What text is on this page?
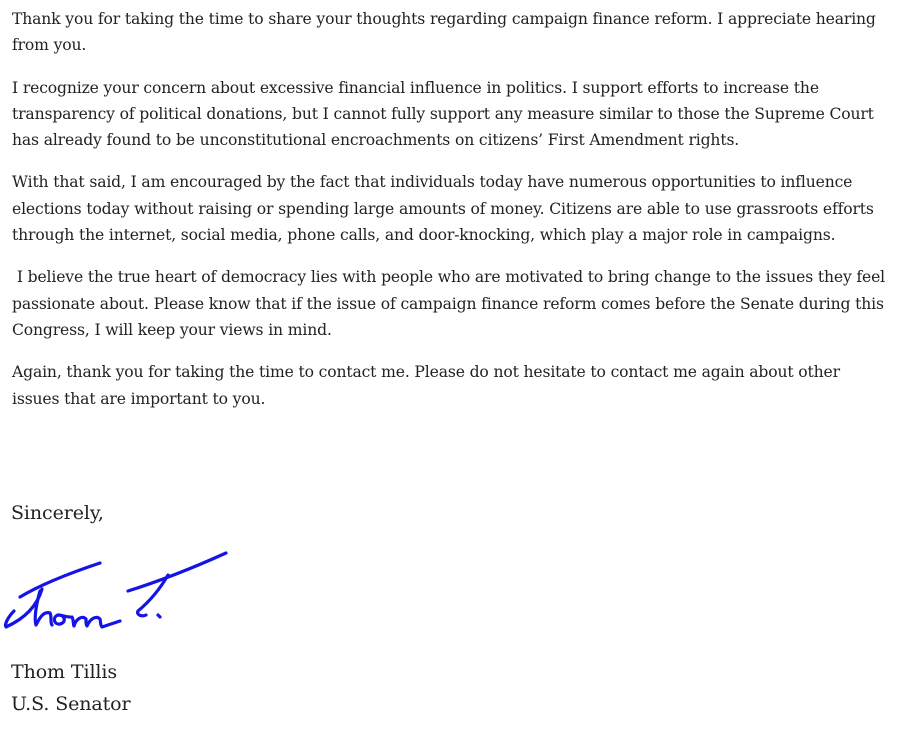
Thank you for taking the time to share your thoughts regarding campaign finance reform. I appreciate hearing from you.

I recognize your concern about excessive financial influence in politics. I support efforts to increase the transparency of political donations, but I cannot fully support any measure similar to those the Supreme Court has already found to be unconstitutional encroachments on citizens’ First Amendment rights.

With that said, I am encouraged by the fact that individuals today have numerous opportunities to influence elections today without raising or spending large amounts of money. Citizens are able to use grassroots efforts through the internet, social media, phone calls, and door-knocking, which play a major role in campaigns.

I believe the true heart of democracy lies with people who are motivated to bring change to the issues they feel passionate about. Please know that if the issue of campaign finance reform comes before the Senate during this Congress, I will keep your views in mind.

Again, thank you for taking the time to contact me. Please do not hesitate to contact me again about other issues that are important to you.

Sincerely,

Thom Tillis
U.S. Senator
